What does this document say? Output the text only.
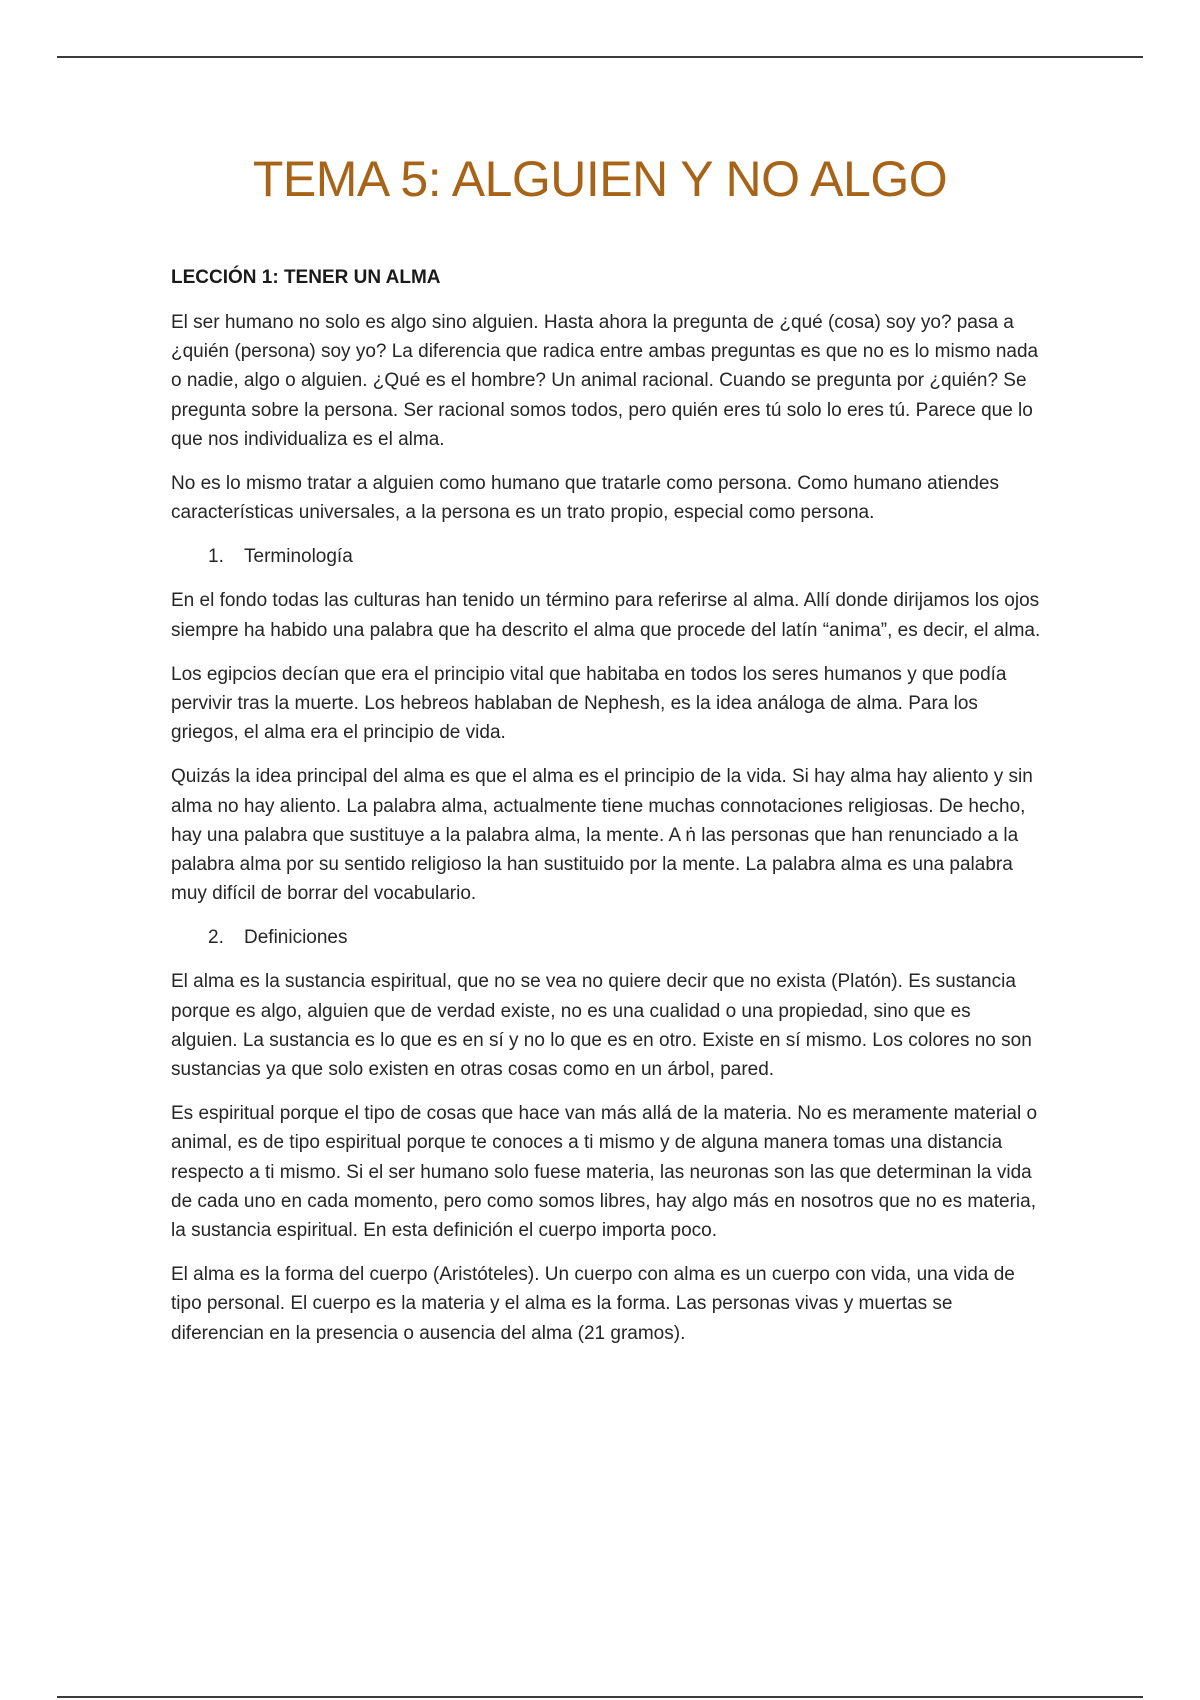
TEMA 5: ALGUIEN Y NO ALGO
LECCIÓN 1: TENER UN ALMA

El ser humano no solo es algo sino alguien. Hasta ahora la pregunta de ¿qué (cosa) soy yo? pasa a ¿quién (persona) soy yo? La diferencia que radica entre ambas preguntas es que no es lo mismo nada o nadie, algo o alguien. ¿Qué es el hombre? Un animal racional. Cuando se pregunta por ¿quién? Se pregunta sobre la persona. Ser racional somos todos, pero quién eres tú solo lo eres tú. Parece que lo que nos individualiza es el alma.

No es lo mismo tratar a alguien como humano que tratarle como persona. Como humano atiendes características universales, a la persona es un trato propio, especial como persona.

1. Terminología

En el fondo todas las culturas han tenido un término para referirse al alma. Allí donde dirijamos los ojos siempre ha habido una palabra que ha descrito el alma que procede del latín “anima”, es decir, el alma.

Los egipcios decían que era el principio vital que habitaba en todos los seres humanos y que podía pervivir tras la muerte. Los hebreos hablaban de Nephesh, es la idea análoga de alma. Para los griegos, el alma era el principio de vida.

Quizás la idea principal del alma es que el alma es el principio de la vida. Si hay alma hay aliento y sin alma no hay aliento. La palabra alma, actualmente tiene muchas connotaciones religiosas. De hecho, hay una palabra que sustituye a la palabra alma, la mente. A ṅ las personas que han renunciado a la palabra alma por su sentido religioso la han sustituido por la mente. La palabra alma es una palabra muy difícil de borrar del vocabulario.

2. Definiciones

El alma es la sustancia espiritual, que no se vea no quiere decir que no exista (Platón). Es sustancia porque es algo, alguien que de verdad existe, no es una cualidad o una propiedad, sino que es alguien. La sustancia es lo que es en sí y no lo que es en otro. Existe en sí mismo. Los colores no son sustancias ya que solo existen en otras cosas como en un árbol, pared.

Es espiritual porque el tipo de cosas que hace van más allá de la materia. No es meramente material o animal, es de tipo espiritual porque te conoces a ti mismo y de alguna manera tomas una distancia respecto a ti mismo. Si el ser humano solo fuese materia, las neuronas son las que determinan la vida de cada uno en cada momento, pero como somos libres, hay algo más en nosotros que no es materia, la sustancia espiritual. En esta definición el cuerpo importa poco.

El alma es la forma del cuerpo (Aristóteles). Un cuerpo con alma es un cuerpo con vida, una vida de tipo personal. El cuerpo es la materia y el alma es la forma. Las personas vivas y muertas se diferencian en la presencia o ausencia del alma (21 gramos).
